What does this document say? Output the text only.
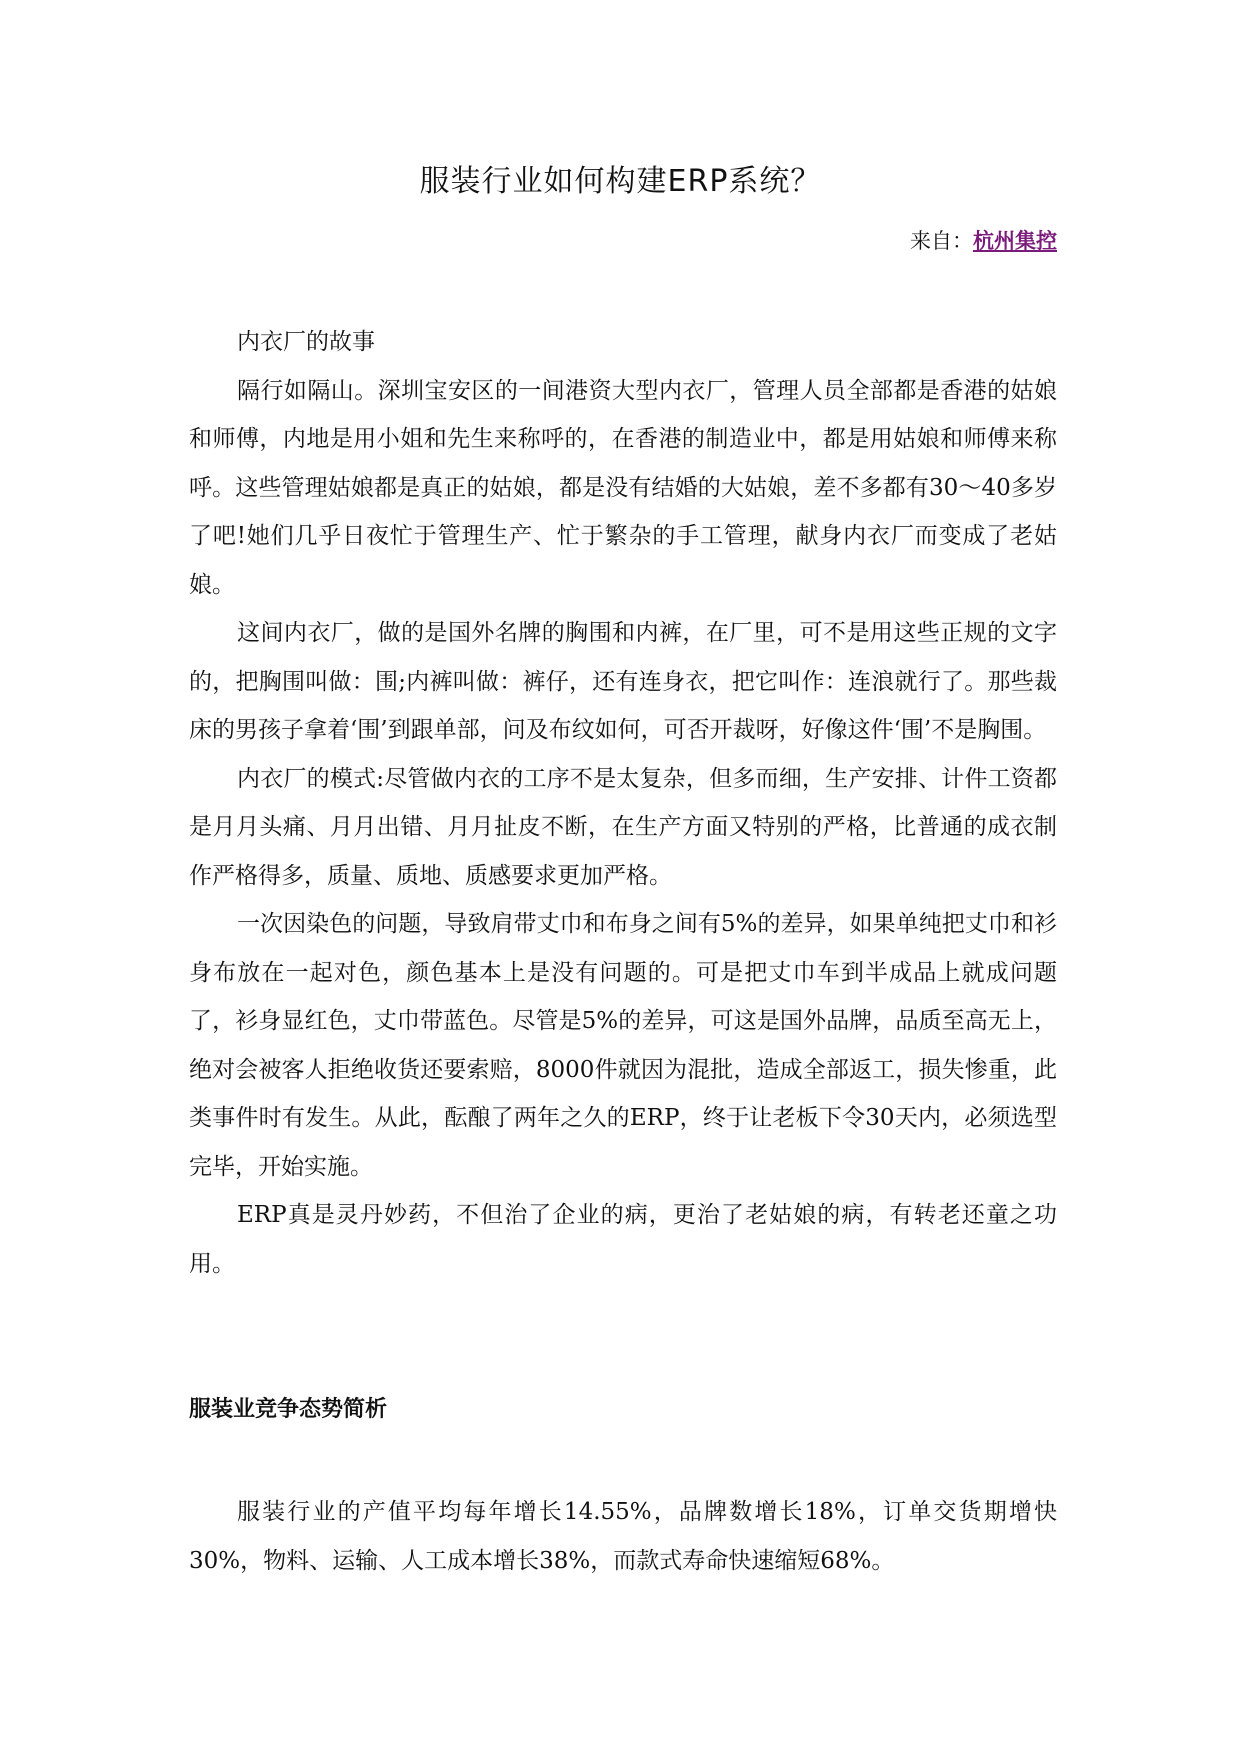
服装行业如何构建ERP系统？
来自：杭州集控

内衣厂的故事

隔行如隔山。深圳宝安区的一间港资大型内衣厂，管理人员全部都是香港的姑娘和师傅，内地是用小姐和先生来称呼的，在香港的制造业中，都是用姑娘和师傅来称呼。这些管理姑娘都是真正的姑娘，都是没有结婚的大姑娘，差不多都有30～40多岁了吧!她们几乎日夜忙于管理生产、忙于繁杂的手工管理，献身内衣厂而变成了老姑娘。

这间内衣厂，做的是国外名牌的胸围和内裤，在厂里，可不是用这些正规的文字的，把胸围叫做：围;内裤叫做：裤仔，还有连身衣，把它叫作：连浪就行了。那些裁床的男孩子拿着‘围’到跟单部，问及布纹如何，可否开裁呀，好像这件‘围’不是胸围。

内衣厂的模式:尽管做内衣的工序不是太复杂，但多而细，生产安排、计件工资都是月月头痛、月月出错、月月扯皮不断，在生产方面又特别的严格，比普通的成衣制作严格得多，质量、质地、质感要求更加严格。

一次因染色的问题，导致肩带丈巾和布身之间有5%的差异，如果单纯把丈巾和衫身布放在一起对色，颜色基本上是没有问题的。可是把丈巾车到半成品上就成问题了，衫身显红色，丈巾带蓝色。尽管是5%的差异，可这是国外品牌，品质至高无上，绝对会被客人拒绝收货还要索赔，8000件就因为混批，造成全部返工，损失惨重，此类事件时有发生。从此，酝酿了两年之久的ERP，终于让老板下令30天内，必须选型完毕，开始实施。

ERP真是灵丹妙药，不但治了企业的病，更治了老姑娘的病，有转老还童之功用。

服装业竞争态势简析

服装行业的产值平均每年增长14.55%，品牌数增长18%，订单交货期增快30%，物料、运输、人工成本增长38%，而款式寿命快速缩短68%。
